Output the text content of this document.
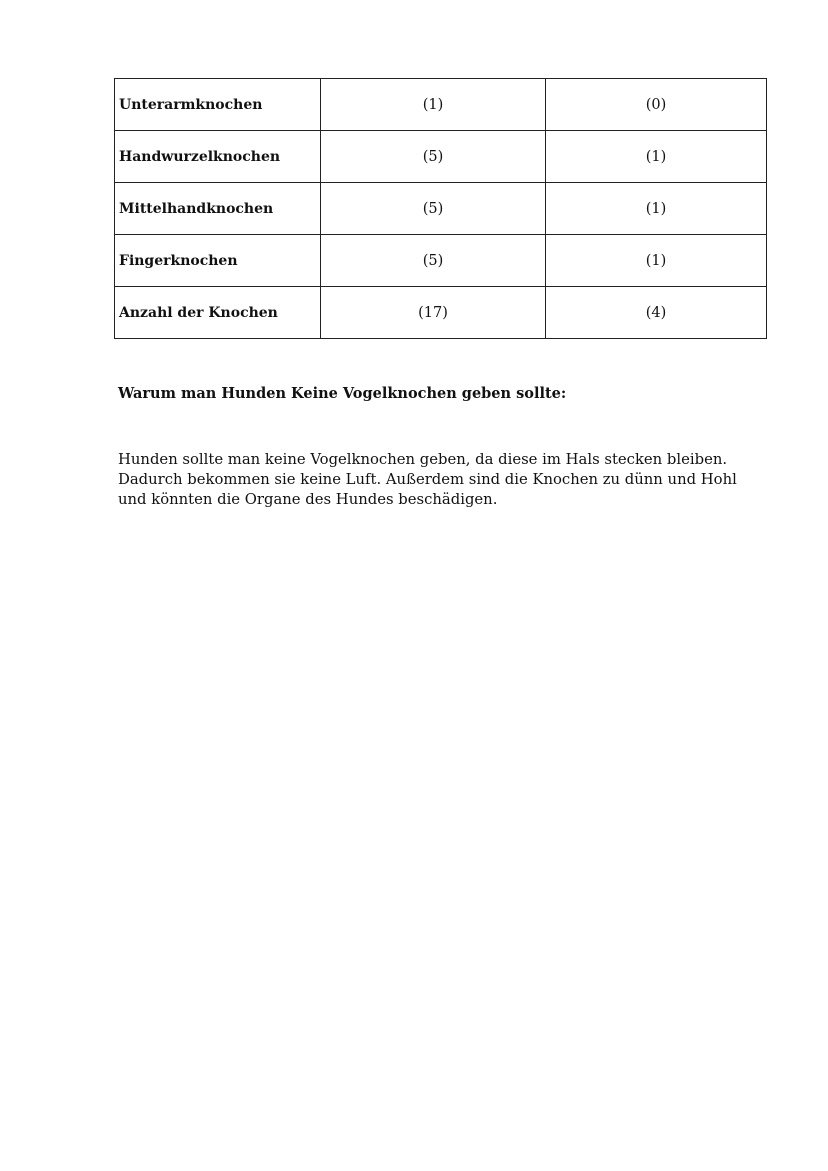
Unterarmknochen	(1)	(0)
Handwurzelknochen	(5)	(1)
Mittelhandknochen	(5)	(1)
Fingerknochen	(5)	(1)
Anzahl der Knochen	(17)	(4)
Warum man Hunden Keine Vogelknochen geben sollte:

Hunden sollte man keine Vogelknochen geben, da diese im Hals stecken bleiben. Dadurch bekommen sie keine Luft. Außerdem sind die Knochen zu dünn und Hohl und könnten die Organe des Hundes beschädigen.
